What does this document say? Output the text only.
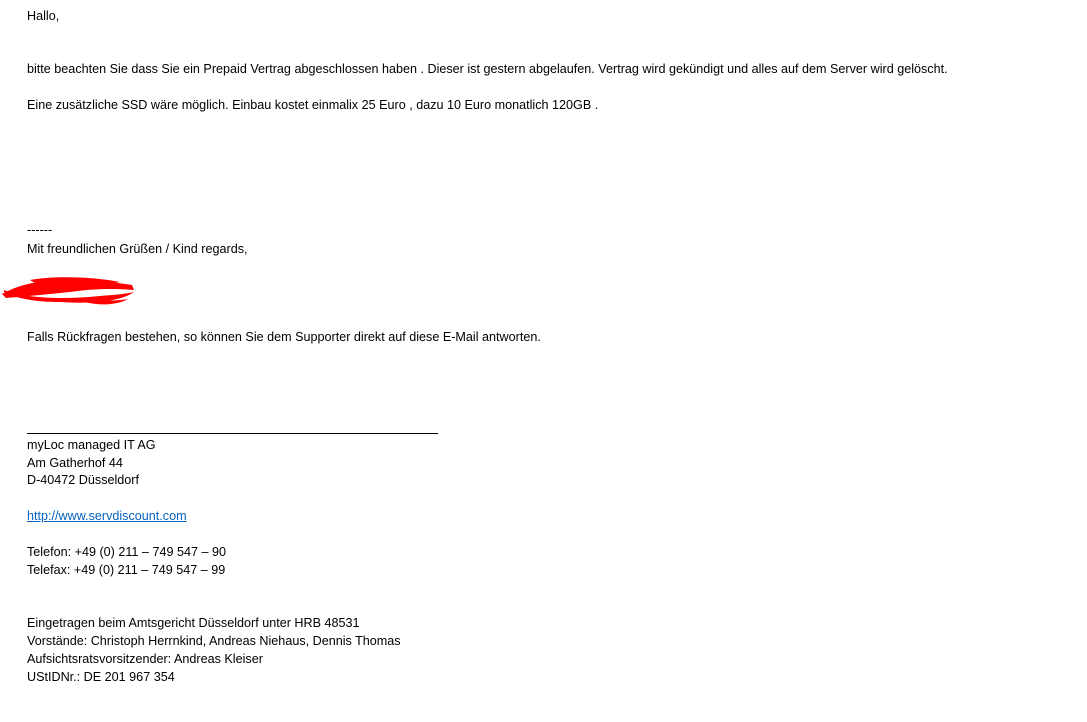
Hallo,
bitte beachten Sie dass Sie ein Prepaid Vertrag abgeschlossen haben . Dieser ist gestern abgelaufen. Vertrag wird gekündigt und alles auf dem Server wird gelöscht.
Eine zusätzliche SSD wäre möglich. Einbau kostet einmalix 25 Euro , dazu 10 Euro monatlich 120GB .
------
Mit freundlichen Grüßen / Kind regards,
Falls Rückfragen bestehen, so können Sie dem Supporter direkt auf diese E-Mail antworten.
myLoc managed IT AG
Am Gatherhof 44
D-40472 Düsseldorf
http://www.servdiscount.com
Telefon: +49 (0) 211 – 749 547 – 90
Telefax: +49 (0) 211 – 749 547 – 99
Eingetragen beim Amtsgericht Düsseldorf unter HRB 48531
Vorstände: Christoph Herrnkind, Andreas Niehaus, Dennis Thomas
Aufsichtsratsvorsitzender: Andreas Kleiser
UStIDNr.: DE 201 967 354
